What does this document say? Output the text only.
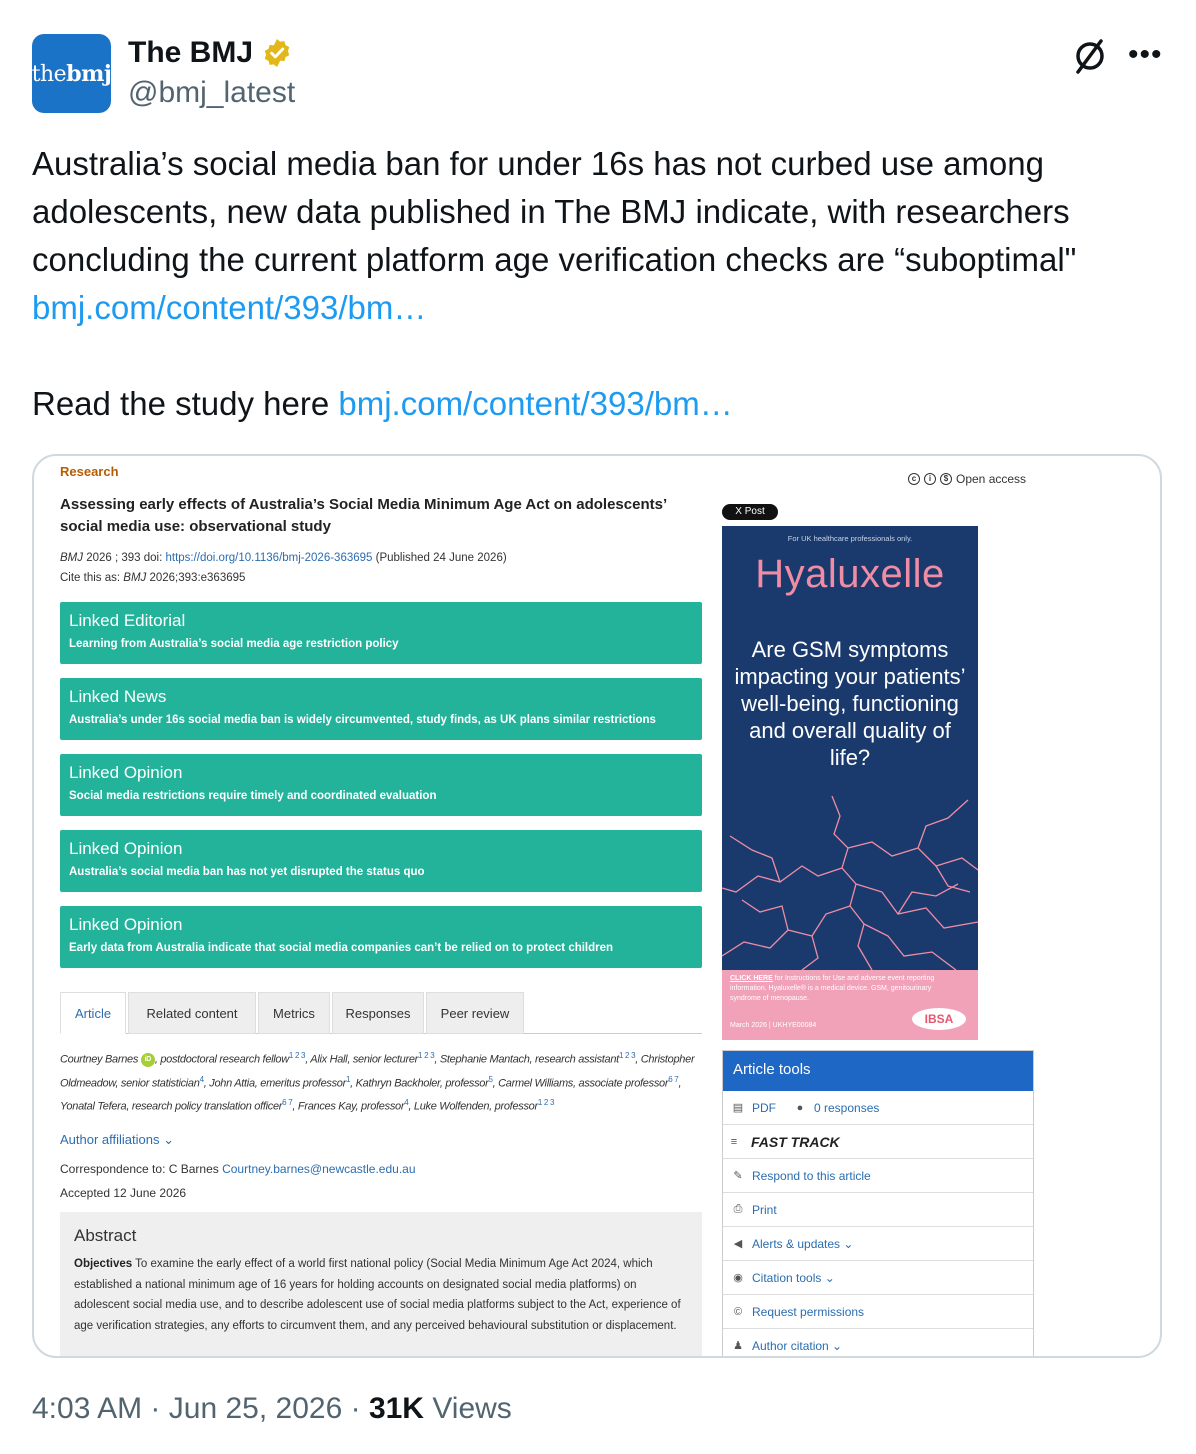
thebmj
The BMJ
@bmj_latest
•••

Australia’s social media ban for under 16s has not curbed use among adolescents, new data published in The BMJ indicate, with researchers concluding the current platform age verification checks are “suboptimal"

bmj.com/content/393/bm…

Read the study here bmj.com/content/393/bm…

Research
Assessing early effects of Australia’s Social Media Minimum Age Act on adolescents’ social media use: observational study
BMJ 2026 ; 393 doi: https://doi.org/10.1136/bmj-2026-363695 (Published 24 June 2026)
Cite this as: BMJ 2026;393:e363695
c	i	$ Open access
Linked Editorial
Learning from Australia’s social media age restriction policy
Linked News
Australia’s under 16s social media ban is widely circumvented, study finds, as UK plans similar restrictions
Linked Opinion
Social media restrictions require timely and coordinated evaluation
Linked Opinion
Australia’s social media ban has not yet disrupted the status quo
Linked Opinion
Early data from Australia indicate that social media companies can’t be relied on to protect children
Article	Related content	Metrics	Responses	Peer review
Courtney Barnes iD , postdoctoral research fellow$^{1 2 3}$, Alix Hall, senior lecturer$^{1 2 3}$, Stephanie Mantach, research assistant$^{1 2 3}$, Christopher Oldmeadow, senior statistician$^4$, John Attia, emeritus professor$^1$, Kathryn Backholer, professor$^5$, Carmel Williams, associate professor$^{6 7}$, Yonatal Tefera, research policy translation officer$^{6 7}$, Frances Kay, professor$^4$, Luke Wolfenden, professor$^{1 2 3}$
Author affiliations ⌄
Correspondence to: C Barnes Courtney.barnes@newcastle.edu.au
Accepted 12 June 2026
Abstract
Objectives To examine the early effect of a world first national policy (Social Media Minimum Age Act 2024, which established a national minimum age of 16 years for holding accounts on designated social media platforms) on adolescent social media use, and to describe adolescent use of social media platforms subject to the Act, experience of age verification strategies, any efforts to circumvent them, and any perceived behavioural substitution or displacement.
X Post
For UK healthcare professionals only.
Hyaluxelle
Are GSM symptoms impacting your patients’ well-being, functioning and overall quality of life?
CLICK HERE for Instructions for Use and adverse event reporting information. Hyaluxelle® is a medical device. GSM, genitourinary syndrome of menopause.
March 2026 | UKHYE00084	IBSA
Article tools
▤ PDF ● 0 responses
≡ FAST TRACK
✎ Respond to this article
⎙ Print
◀ Alerts & updates ⌄
◉ Citation tools ⌄
© Request permissions
♟ Author citation ⌄
4:03 AM · Jun 25, 2026 · 31K Views
